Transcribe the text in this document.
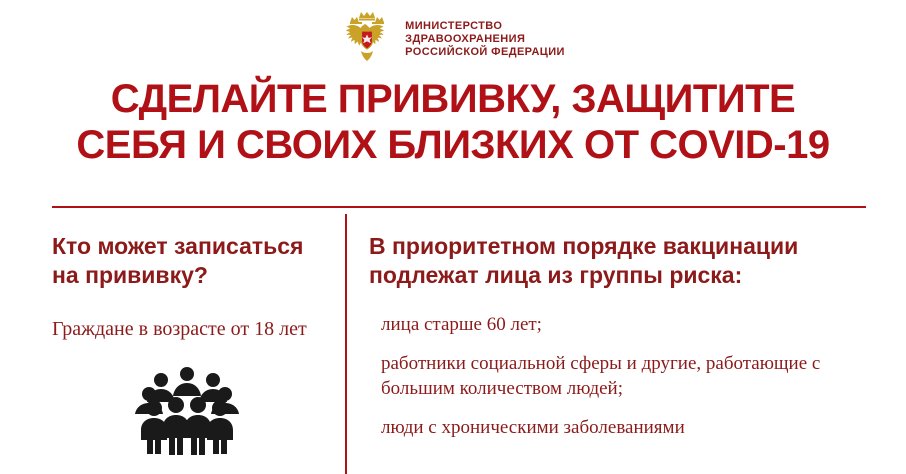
МИНИСТЕРСТВО
ЗДРАВООХРАНЕНИЯ
РОССИЙСКОЙ ФЕДЕРАЦИИ
СДЕЛАЙТЕ ПРИВИВКУ, ЗАЩИТИТЕ
СЕБЯ И СВОИХ БЛИЗКИХ ОТ COVID-19

Кто может записаться на прививку?

Граждане в возрасте от 18 лет

В приоритетном порядке вакцинации подлежат лица из группы риска:

лица старше 60 лет;
работники социальной сферы и другие, работающие с большим количеством людей;
люди с хроническими заболеваниями
